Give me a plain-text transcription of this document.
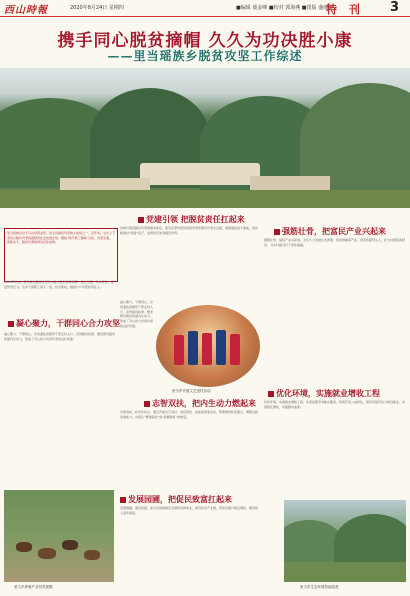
西山時報	2020年8月24日 星期四	■编辑 聂金峰 ■校对 郭海燕 ■排版 盛雨菲
特 刊 3
携手同心脱贫摘帽 久久为功决胜小康
——里当瑶族乡脱贫攻坚工作综述
里当瑶族乡位于马山县西北部，是全县脱贫攻坚的主战场之一。近年来，全乡上下坚持以脱贫攻坚统揽经济社会发展全局，聚焦“两不愁三保障”目标，攻坚克难，真抓实干，脱贫攻坚取得决定性成效。
2014年以来，里当乡把脱贫攻坚作为最大政治任务和第一民生工程，压实责任，层层传导压力。全乡干部职工深入一线，结对帮扶，做到户户有帮扶责任人。
党建引领 把脱贫责任扛起来
党建引领是脱贫攻坚的根本保证。里当乡坚持把党的领导贯穿脱贫攻坚全过程，建强基层战斗堡垒，选优配强村“两委”班子，发挥党员先锋模范作用。
凝心聚力，干群同心合力攻坚
凝心聚力，干群同心。乡党委政府组织干部走村入户，宣传脱贫政策，激发群众脱贫致富内生动力，形成了齐心协力共同攻坚的良好局面。
里当乡开展文艺进村活动
凝心聚力，干群同心。乡党委政府组织干部走村入户，宣传脱贫政策，激发群众脱贫致富内生动力，形成了齐心协力共同攻坚的良好局面。
志智双扶，把内生动力燃起来
志智双扶，扶贫先扶志。通过开展文艺进村、农民夜校、技能培训等活动，帮助群众转变观念，增强自我发展能力，实现从“要我脱贫”到“我要脱贫”的转变。
发展园圃，把促民致富扛起来
发展园圃，促民致富。里当乡因地制宜发展特色种养业，建设扶贫产业园，带动贫困户稳定增收，群众收入逐年提高。
里当乡养殖产业初具规模
强筋壮骨，把富民产业兴起来
强筋壮骨，富民产业兴起来。全乡大力发展生态养殖、特色种植等产业，培育致富带头人，壮大村级集体经济，为乡村振兴打下坚实基础。
优化环境，实施就业增收工程
优化环境，实施就业增收工程。乡里加强劳务输出服务，积极开发公益岗位，组织贫困劳动力就近就业，实现稳定增收，巩固脱贫成果。
里当乡生态环境持续改善
